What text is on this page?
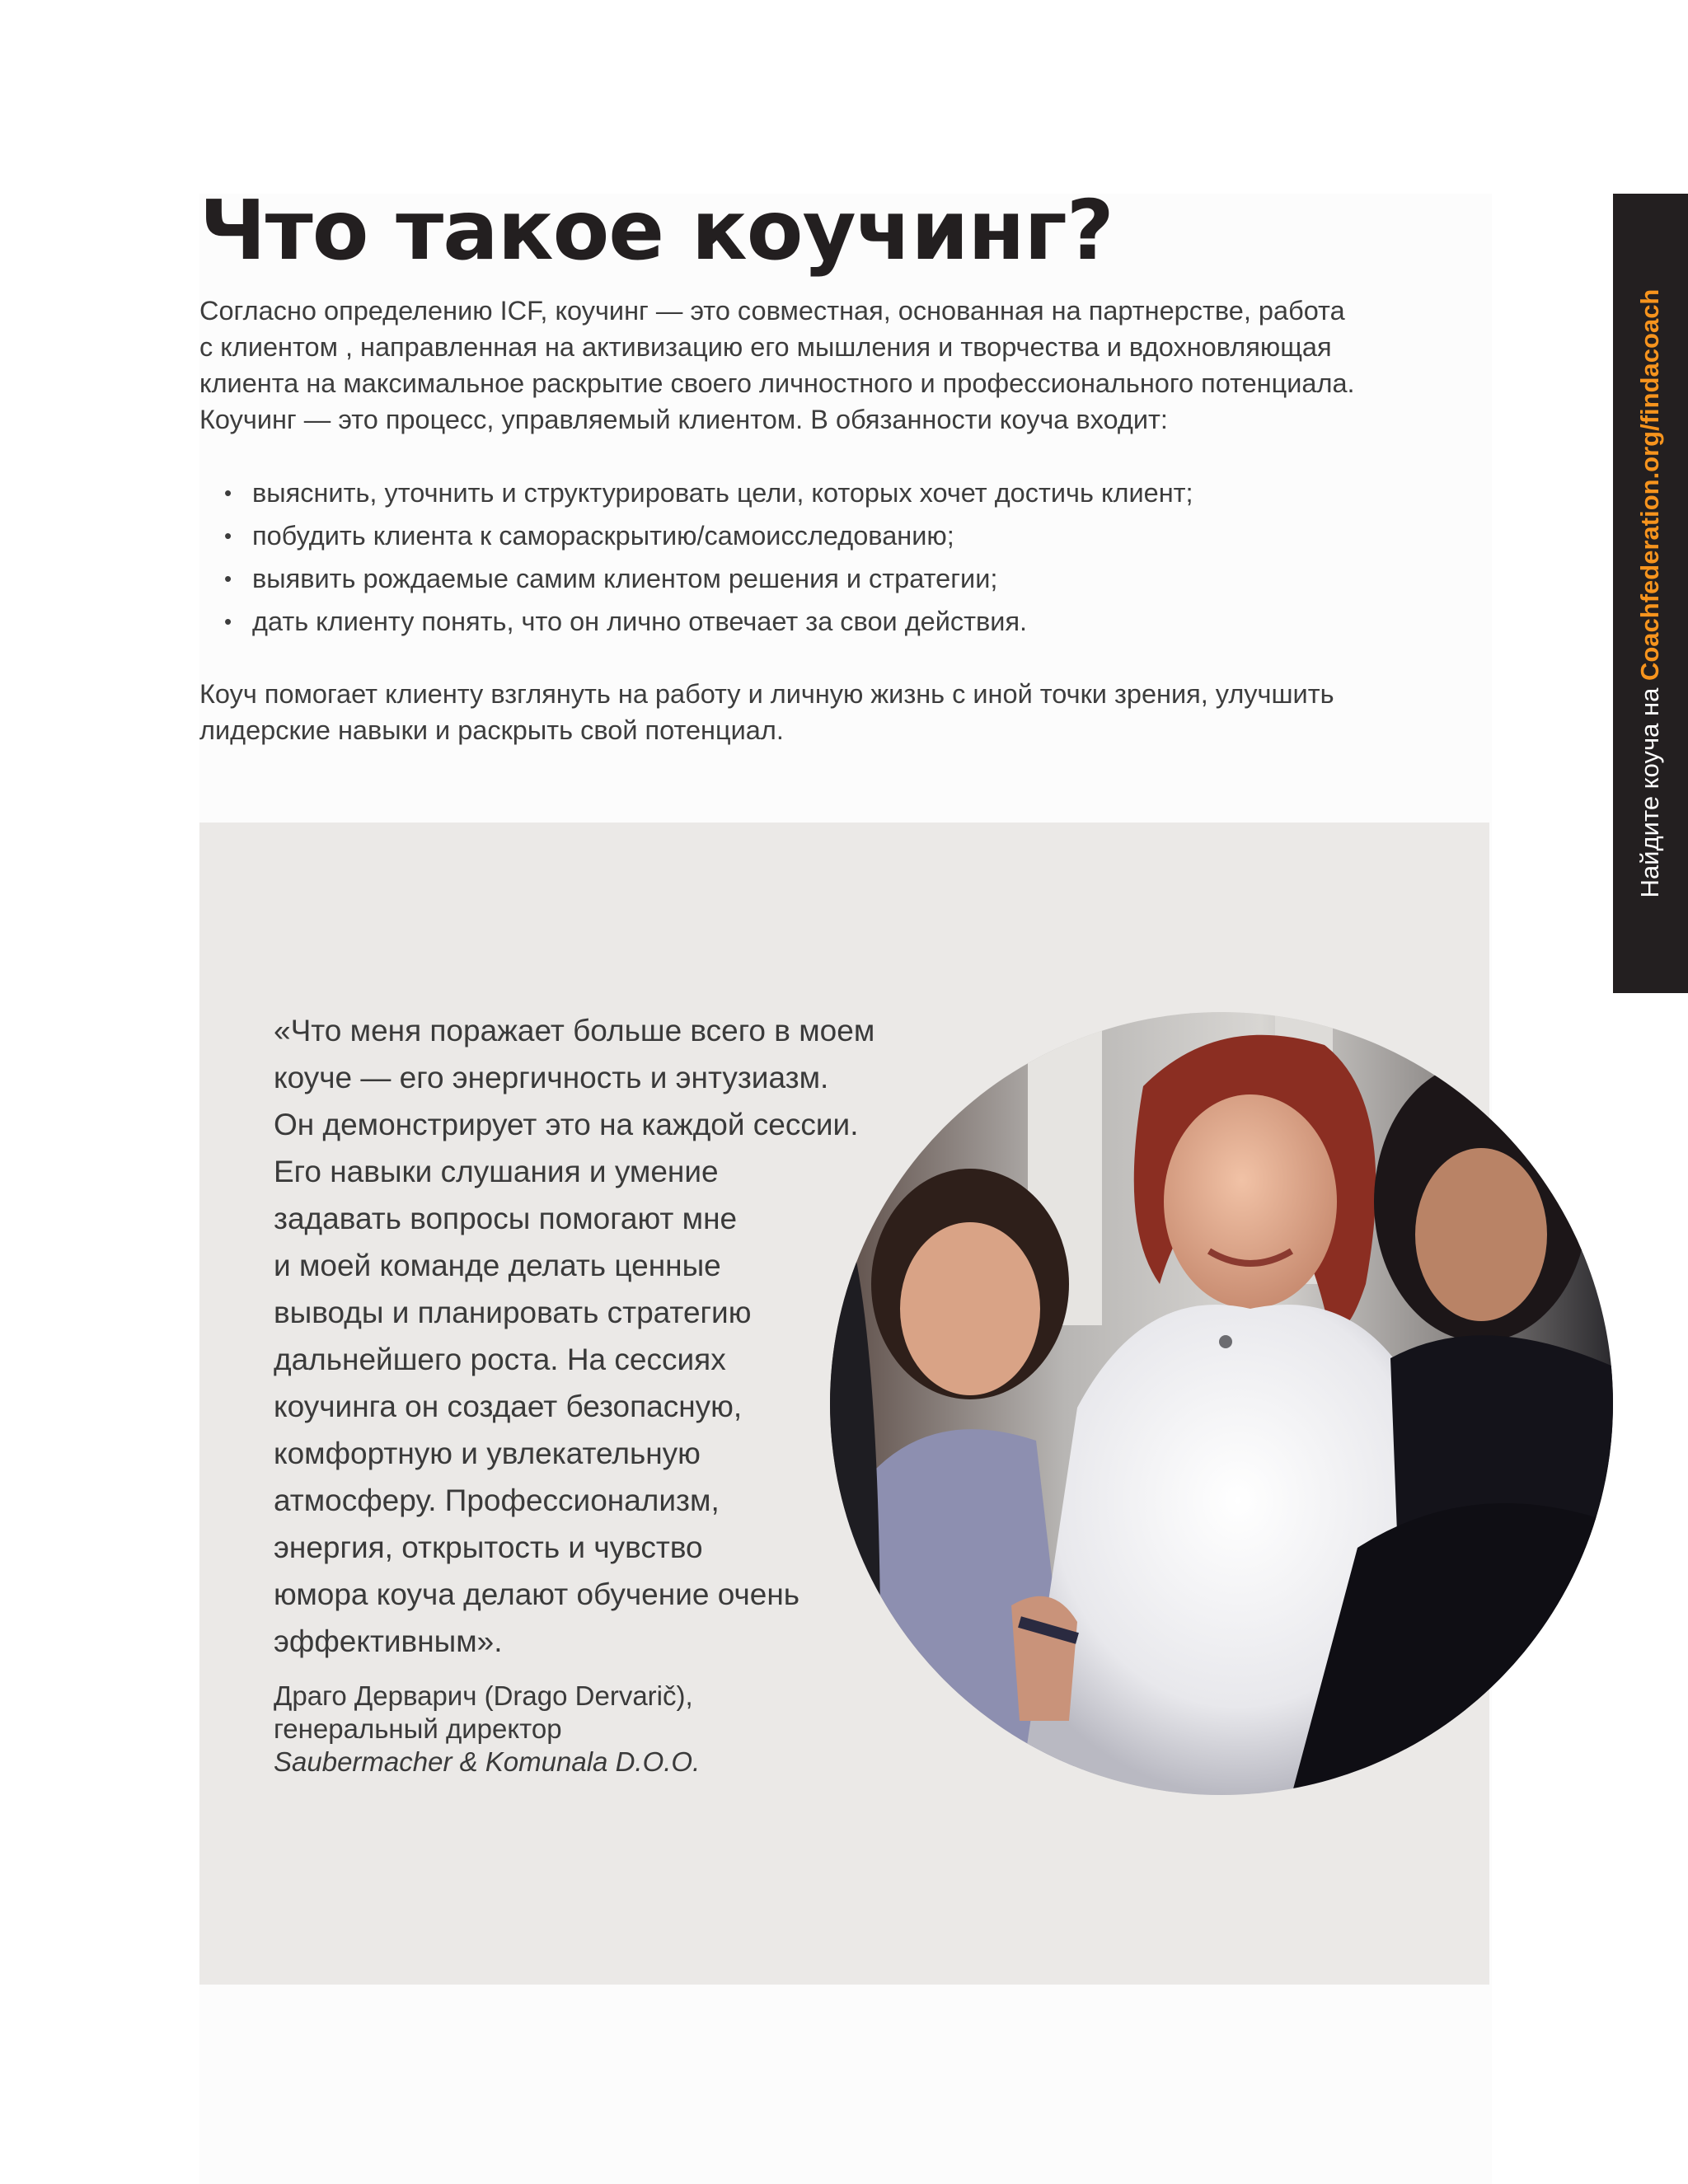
Что такое коучинг?

Согласно определению ICF, коучинг — это совместная, основанная на партнерстве, работа
с клиентом , направленная на активизацию его мышления и творчества и вдохновляющая
клиента на максимальное раскрытие своего личностного и профессионального потенциала.
Коучинг — это процесс, управляемый клиентом. В обязанности коуча входит:

• выяснить, уточнить и структурировать цели, которых хочет достичь клиент;
• побудить клиента к самораскрытию/самоисследованию;
• выявить рождаемые самим клиентом решения и стратегии;
• дать клиенту понять, что он лично отвечает за свои действия.

Коуч помогает клиенту взглянуть на работу и личную жизнь с иной точки зрения, улучшить
лидерские навыки и раскрыть свой потенциал.

«Что меня поражает больше всего в моем
коуче — его энергичность и энтузиазм.
Он демонстрирует это на каждой сессии.
Его навыки слушания и умение
задавать вопросы помогают мне
и моей команде делать ценные
выводы и планировать стратегию
дальнейшего роста. На сессиях
коучинга он создает безопасную,
комфортную и увлекательную
атмосферу. Профессионализм,
энергия, открытость и чувство
юмора коуча делают обучение очень
эффективным».

Драго Дерварич (Drago Dervarič),
генеральный директор
Saubermacher & Komunala D.O.O.

Найдите коуча на Coachfederation.org/findacoach
